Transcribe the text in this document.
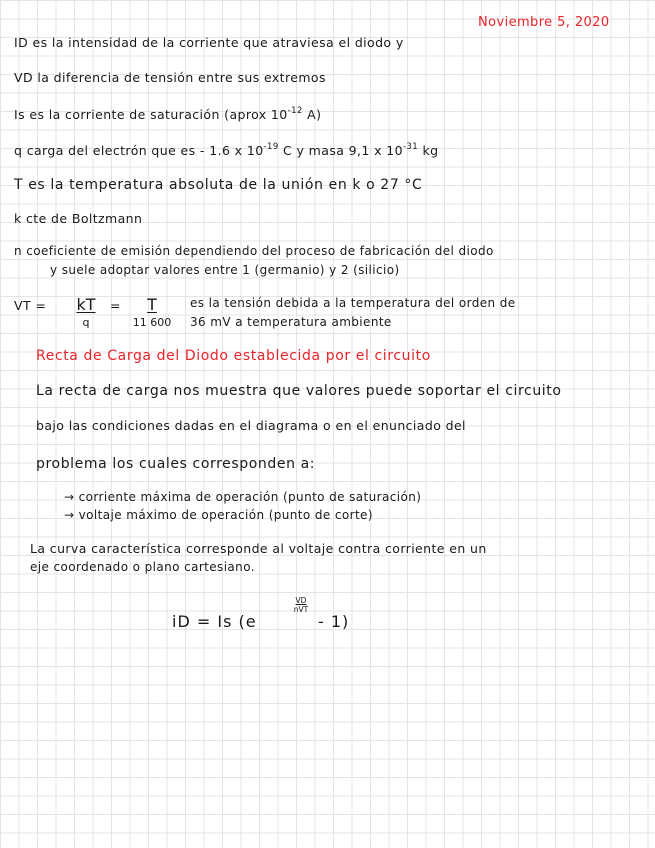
Noviembre 5, 2020
ID es la intensidad de la corriente que atraviesa el diodo y
VD la diferencia de tensión entre sus extremos
Is es la corriente de saturación (aprox $10^{-12}$ A)
q carga del electrón que es - 1.6 x $10^{-19}$ C y masa 9,1 x $10^{-31}$ kg
T es la temperatura absoluta de la unión en k o 27 °C
k cte de Boltzmann
n coeficiente de emisión dependiendo del proceso de fabricación del diodo
y suele adoptar valores entre 1 (germanio) y 2 (silicio)
VT =	kT
q
=	T
11 600
es la tensión debida a la temperatura del orden de
36 mV a temperatura ambiente
Recta de Carga del Diodo establecida por el circuito
La recta de carga nos muestra que valores puede soportar el circuito
bajo las condiciones dadas en el diagrama o en el enunciado del
problema los cuales corresponden a:
→ corriente máxima de operación (punto de saturación)
→ voltaje máximo de operación (punto de corte)
La curva característica corresponde al voltaje contra corriente en un
eje coordenado o plano cartesiano.
iD = Is (e
VD
nVT
- 1)
